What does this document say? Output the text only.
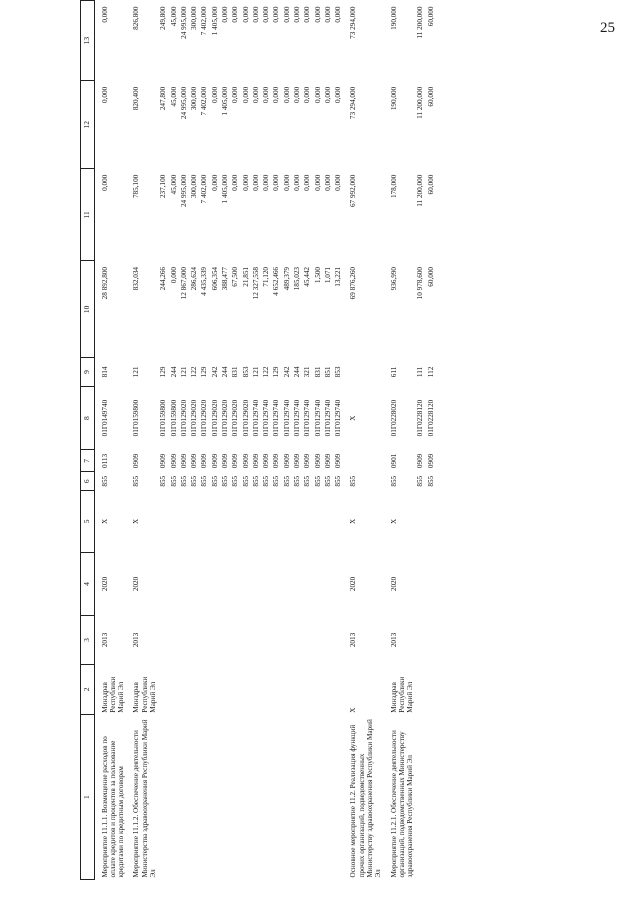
25
1	2	3	4	5	6	7	8	9	10	11	12	13
Мероприятие 11.1.1. Возмещение расходов по оплате кредитов и процентов за пользование кредитами по кредитным договорам	Минздрав Республики Марий Эл	2013	2020	X	855	0113	01Г0149740	814	28 892,800	0,000	0,000	0,000
Мероприятие 11.1.2. Обеспечение деятельности Министерства здравоохранения Республики Марий Эл	Минздрав Республики Марий Эл	2013	2020	X	855	0909	01Г0159800	121	832,034	785,100	820,400	826,800
					855	0909	01Г0159800	129	244,266	237,100	247,800	249,800
					855	0909	01Г0159800	244	0,000	45,000	45,000	45,000
					855	0909	01Г0129020	121	12 867,000	24 995,000	24 995,000	24 995,000
					855	0909	01Г0129020	122	286,624	300,000	300,000	300,000
					855	0909	01Г0129020	129	4 435,339	7 402,000	7 402,000	7 402,000
					855	0909	01Г0129020	242	606,354	0,000	0,000	1 405,000
					855	0909	01Г0129020	244	388,477	1 405,000	1 405,000	0,000
					855	0909	01Г0129020	831	67,500	0,000	0,000	0,000
					855	0909	01Г0129020	853	21,851	0,000	0,000	0,000
					855	0909	01Г0129740	121	12 327,558	0,000	0,000	0,000
					855	0909	01Г0129740	122	71,120	0,000	0,000	0,000
					855	0909	01Г0129740	129	4 652,466	0,000	0,000	0,000
					855	0909	01Г0129740	242	489,379	0,000	0,000	0,000
					855	0909	01Г0129740	244	185,023	0,000	0,000	0,000
					855	0909	01Г0129740	321	45,442	0,000	0,000	0,000
					855	0909	01Г0129740	831	1,500	0,000	0,000	0,000
					855	0909	01Г0129740	851	1,071	0,000	0,000	0,000
					855	0909	01Г0129740	853	13,221	0,000	0,000	0,000
Основное мероприятие 11.2. Реализация функций прочих организаций, подведомственных Министерству здравоохранения Республики Марий Эл	X	2013	2020	X	855		X		69 876,260	67 992,000	73 294,000	73 294,000
Мероприятие 11.2.1. Обеспечение деятельности организаций, подведомственных Министерству здравоохранения Республики Марий Эл	Минздрав Республики Марий Эл	2013	2020	X	855	0901	01Г0228020	611	936,990	178,000	190,000	190,000
					855	0909	01Г0228120	111	10 978,600	11 200,000	11 200,000	11 200,000
					855	0909	01Г0228120	112	60,000	60,000	60,000	60,000
